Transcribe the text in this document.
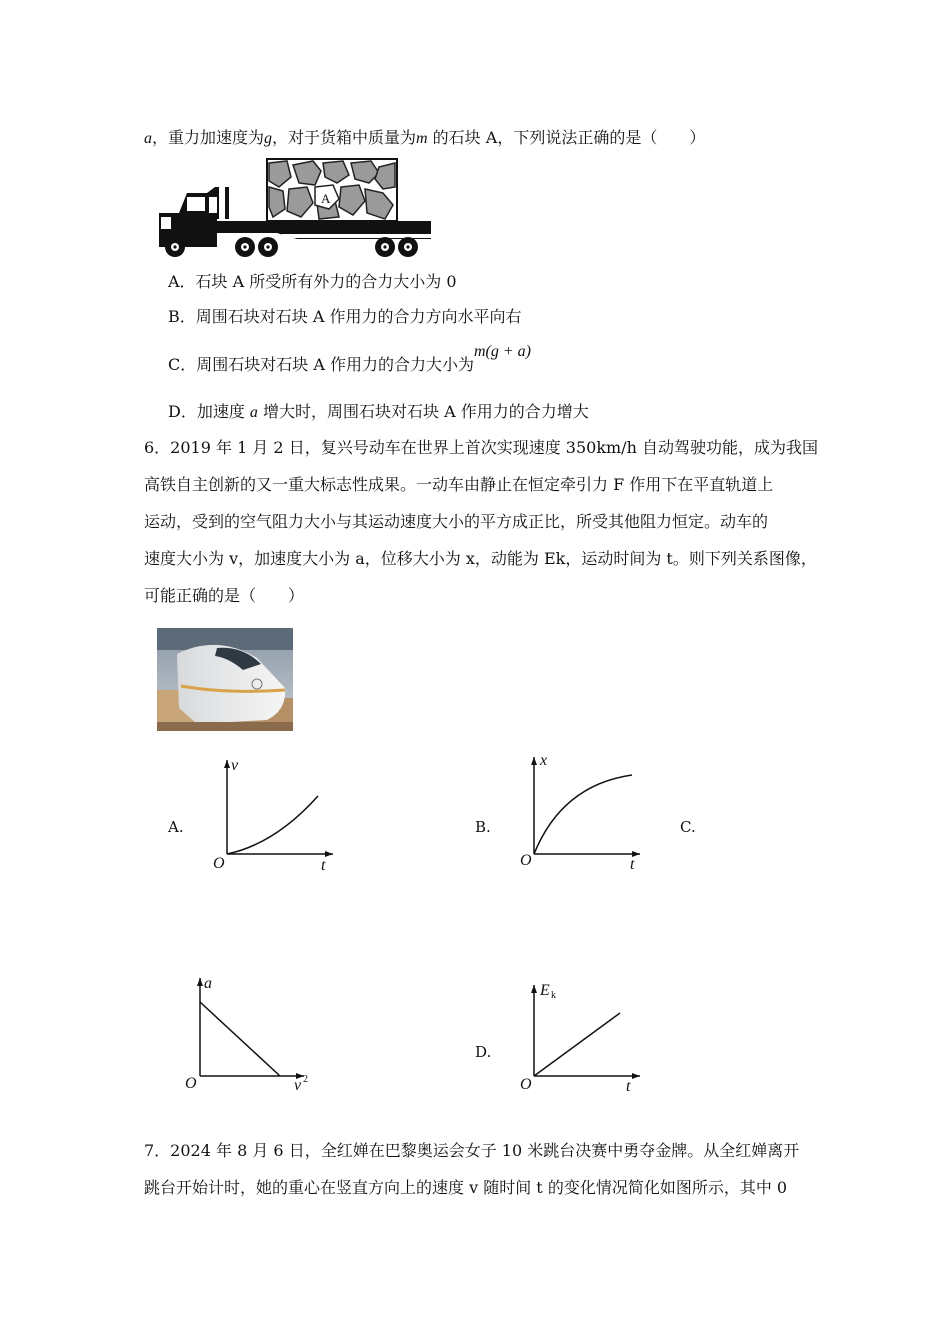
a，重力加速度为g，对于货箱中质量为m 的石块 A，下列说法正确的是（　　）
A
A．石块 A 所受所有外力的合力大小为 0
B．周围石块对石块 A 作用力的合力方向水平向右
C．周围石块对石块 A 作用力的合力大小为m(g + a)
D．加速度 a 增大时，周围石块对石块 A 作用力的合力增大
6．2019 年 1 月 2 日，复兴号动车在世界上首次实现速度 350km/h 自动驾驶功能，成为我国
高铁自主创新的又一重大标志性成果。一动车由静止在恒定牵引力 F 作用下在平直轨道上
运动，受到的空气阻力大小与其运动速度大小的平方成正比，所受其他阻力恒定。动车的
速度大小为 v，加速度大小为 a，位移大小为 x，动能为 Ek，运动时间为 t。则下列关系图像，
可能正确的是（　　）
A.	B.	C.
D.
v
t
O
x
t
O
a
v 2
O
E k
t
O
7．2024 年 8 月 6 日，全红婵在巴黎奥运会女子 10 米跳台决赛中勇夺金牌。从全红婵离开
跳台开始计时，她的重心在竖直方向上的速度 v 随时间 t 的变化情况简化如图所示，其中 0
